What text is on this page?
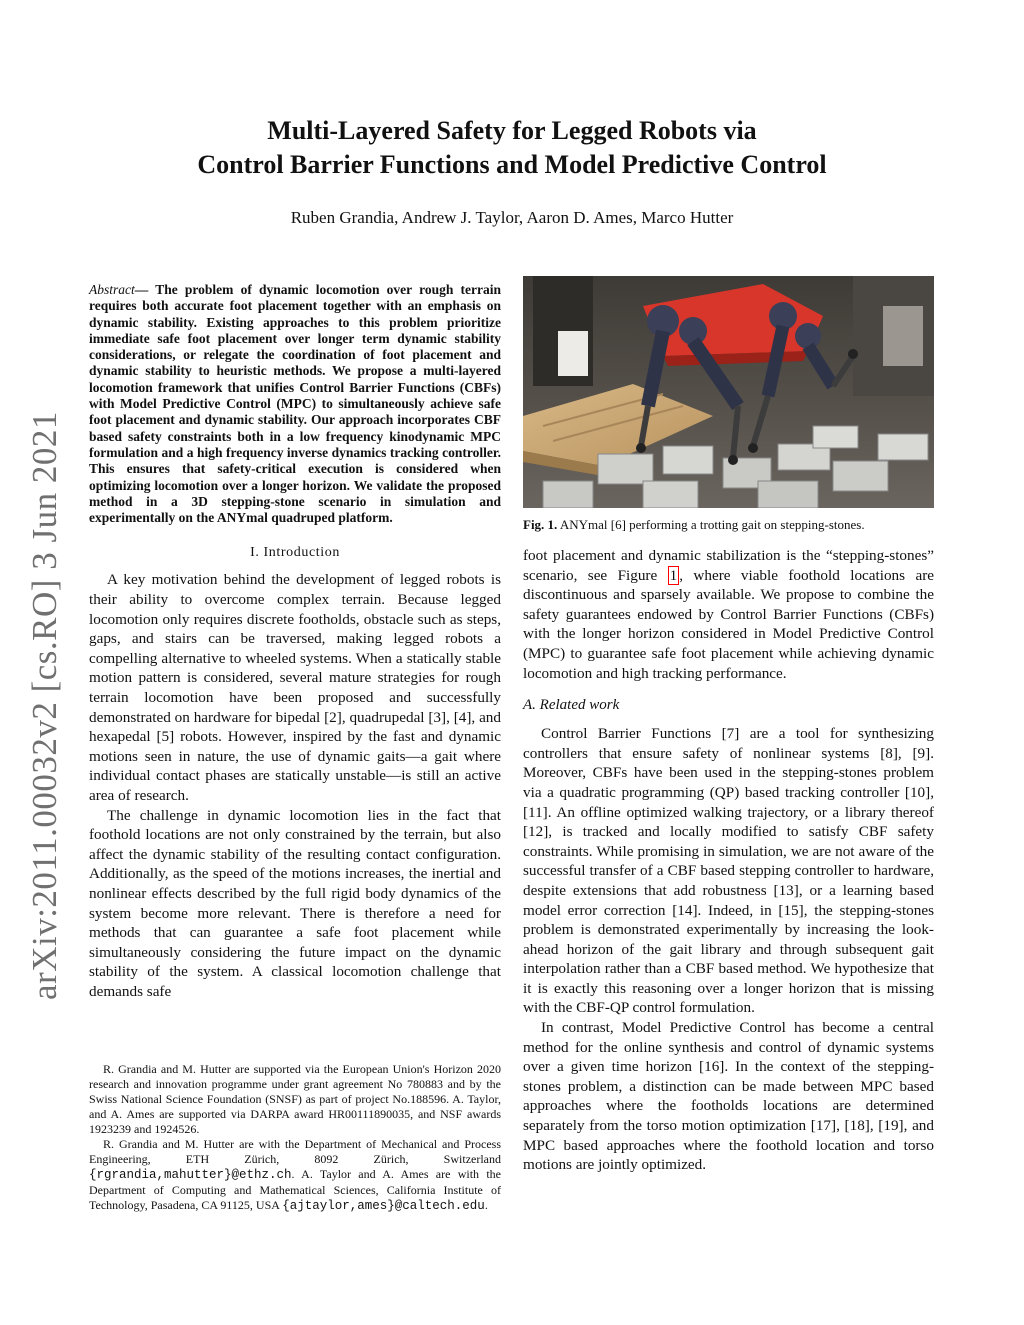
arXiv:2011.00032v2 [cs.RO] 3 Jun 2021
Multi-Layered Safety for Legged Robots via
Control Barrier Functions and Model Predictive Control
Ruben Grandia, Andrew J. Taylor, Aaron D. Ames, Marco Hutter
Abstract— The problem of dynamic locomotion over rough terrain requires both accurate foot placement together with an emphasis on dynamic stability. Existing approaches to this problem prioritize immediate safe foot placement over longer term dynamic stability considerations, or relegate the coordination of foot placement and dynamic stability to heuristic methods. We propose a multi-layered locomotion framework that unifies Control Barrier Functions (CBFs) with Model Predictive Control (MPC) to simultaneously achieve safe foot placement and dynamic stability. Our approach incorporates CBF based safety constraints both in a low frequency kinodynamic MPC formulation and a high frequency inverse dynamics tracking controller. This ensures that safety-critical execution is considered when optimizing locomotion over a longer horizon. We validate the proposed method in a 3D stepping-stone scenario in simulation and experimentally on the ANYmal quadruped platform.
I. Introduction

A key motivation behind the development of legged robots is their ability to overcome complex terrain. Because legged locomotion only requires discrete footholds, obstacle such as steps, gaps, and stairs can be traversed, making legged robots a compelling alternative to wheeled systems. When a statically stable motion pattern is considered, several mature strategies for rough terrain locomotion have been proposed and successfully demonstrated on hardware for bipedal [2], quadrupedal [3], [4], and hexapedal [5] robots. However, inspired by the fast and dynamic motions seen in nature, the use of dynamic gaits—a gait where individual contact phases are statically unstable—is still an active area of research.

The challenge in dynamic locomotion lies in the fact that foothold locations are not only constrained by the terrain, but also affect the dynamic stability of the resulting contact configuration. Additionally, as the speed of the motions increases, the inertial and nonlinear effects described by the full rigid body dynamics of the system become more relevant. There is therefore a need for methods that can guarantee a safe foot placement while simultaneously considering the future impact on the dynamic stability of the system. A classical locomotion challenge that demands safe

R. Grandia and M. Hutter are supported via the European Union's Horizon 2020 research and innovation programme under grant agreement No 780883 and by the Swiss National Science Foundation (SNSF) as part of project No.188596. A. Taylor, and A. Ames are supported via DARPA award HR00111890035, and NSF awards 1923239 and 1924526.

R. Grandia and M. Hutter are with the Department of Mechanical and Process Engineering, ETH Zürich, 8092 Zürich, Switzerland {rgrandia,mahutter}@ethz.ch. A. Taylor and A. Ames are with the Department of Computing and Mathematical Sciences, California Institute of Technology, Pasadena, CA 91125, USA {ajtaylor,ames}@caltech.edu.

Fig. 1. ANYmal [6] performing a trotting gait on stepping-stones.

foot placement and dynamic stabilization is the “stepping-stones” scenario, see Figure 1 , where viable foothold locations are discontinuous and sparsely available. We propose to combine the safety guarantees endowed by Control Barrier Functions (CBFs) with the longer horizon considered in Model Predictive Control (MPC) to guarantee safe foot placement while achieving dynamic locomotion and high tracking performance.

A. Related work

Control Barrier Functions [7] are a tool for synthesizing controllers that ensure safety of nonlinear systems [8], [9]. Moreover, CBFs have been used in the stepping-stones problem via a quadratic programming (QP) based tracking controller [10], [11]. An offline optimized walking trajectory, or a library thereof [12], is tracked and locally modified to satisfy CBF safety constraints. While promising in simulation, we are not aware of the successful transfer of a CBF based stepping controller to hardware, despite extensions that add robustness [13], or a learning based model error correction [14]. Indeed, in [15], the stepping-stones problem is demonstrated experimentally by increasing the look-ahead horizon of the gait library and through subsequent gait interpolation rather than a CBF based method. We hypothesize that it is exactly this reasoning over a longer horizon that is missing with the CBF-QP control formulation.

In contrast, Model Predictive Control has become a central method for the online synthesis and control of dynamic systems over a given time horizon [16]. In the context of the stepping-stones problem, a distinction can be made between MPC based approaches where the footholds locations are determined separately from the torso motion optimization [17], [18], [19], and MPC based approaches where the foothold location and torso motions are jointly optimized.
